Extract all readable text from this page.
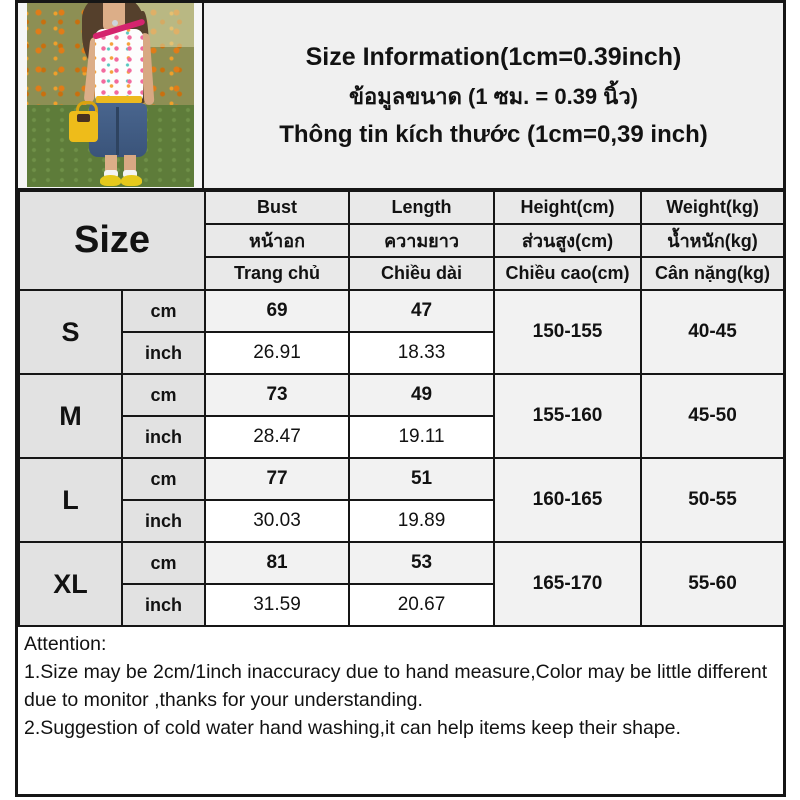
Size Information(1cm=0.39inch)
ข้อมูลขนาด (1 ซม. = 0.39 นิ้ว)
Thông tin kích thước (1cm=0,39 inch)
Size		Bust	Length	Height(cm)	Weight(kg)
		หน้าอก	ความยาว	ส่วนสูง(cm)	น้ำหนัก(kg)
		Trang chủ	Chiều dài	Chiều cao(cm)	Cân nặng(kg)
S	cm	69	47	150-155	40-45
	inch	26.91	18.33		
M	cm	73	49	155-160	45-50
	inch	28.47	19.11		
L	cm	77	51	160-165	50-55
	inch	30.03	19.89		
XL	cm	81	53	165-170	55-60
	inch	31.59	20.67		
Attention:
1.Size may be 2cm/1inch inaccuracy due to hand measure,Color may be little different
due to monitor ,thanks for your understanding.
2.Suggestion of cold water hand washing,it can help items keep their shape.
